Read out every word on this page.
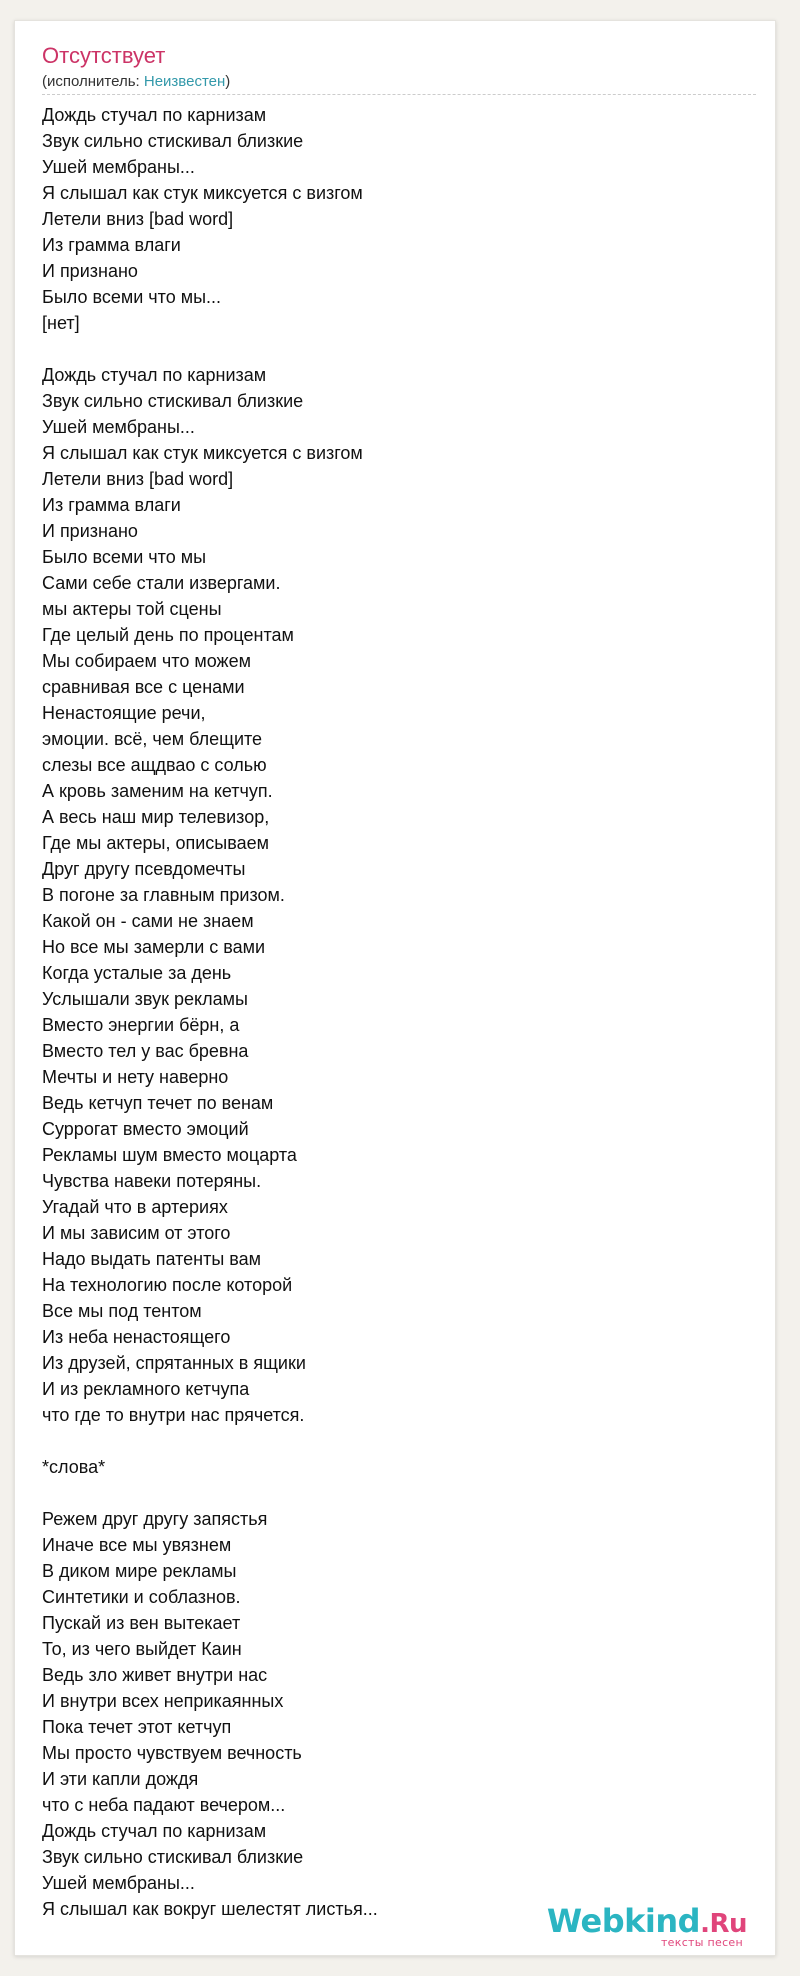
Отсутствует
(исполнитель: Неизвестен)
Дождь стучал по карнизам
Звук сильно стискивал близкие
Ушей мембраны...
Я слышал как стук миксуется с визгом
Летели вниз [bad word]
Из грамма влаги
И признано
Было всеми что мы...
[нет]
Дождь стучал по карнизам
Звук сильно стискивал близкие
Ушей мембраны...
Я слышал как стук миксуется с визгом
Летели вниз [bad word]
Из грамма влаги
И признано
Было всеми что мы
Сами себе стали извергами.
мы актеры той сцены
Где целый день по процентам
Мы собираем что можем
сравнивая все с ценами
Ненастоящие речи,
эмоции. всё, чем блещите
слезы все ащдвао с солью
А кровь заменим на кетчуп.
А весь наш мир телевизор,
Где мы актеры, описываем
Друг другу псевдомечты
В погоне за главным призом.
Какой он - сами не знаем
Но все мы замерли с вами
Когда усталые за день
Услышали звук рекламы
Вместо энергии бёрн, а
Вместо тел у вас бревна
Мечты и нету наверно
Ведь кетчуп течет по венам
Суррогат вместо эмоций
Рекламы шум вместо моцарта
Чувства навеки потеряны.
Угадай что в артериях
И мы зависим от этого
Надо выдать патенты вам
На технологию после которой
Все мы под тентом
Из неба ненастоящего
Из друзей, спрятанных в ящики
И из рекламного кетчупа
что где то внутри нас прячется.
*слова*
Режем друг другу запястья
Иначе все мы увязнем
В диком мире рекламы
Синтетики и соблазнов.
Пускай из вен вытекает
То, из чего выйдет Каин
Ведь зло живет внутри нас
И внутри всех неприкаянных
Пока течет этот кетчуп
Мы просто чувствуем вечность
И эти капли дождя
что с неба падают вечером...
Дождь стучал по карнизам
Звук сильно стискивал близкие
Ушей мембраны...
Я слышал как вокруг шелестят листья...	Webkind.Ru
тексты песен
